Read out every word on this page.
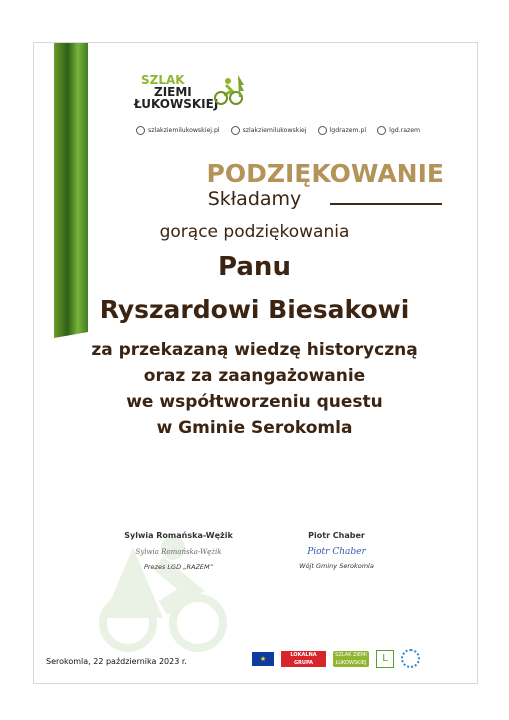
SZLAK
ZIEMI
ŁUKOWSKIEJ
szlakziemilukowskiej.pl
	szlakziemilukowskiej
	lgdrazem.pl
	lgd.razem
PODZIĘKOWANIE
Sylwia Romańska-Wężik
Sylwia Romańska-Wężik
Prezes LGD „RAZEM”
Piotr Chaber
Piotr Chaber
Wójt Gminy Serokomla
Serokomla, 22 października 2023 r.	★	LOKALNA GRUPA DZIAŁANIA RAZEM
SZLAK ZIEMI ŁUKOWSKIEJ	L
Składamy
gorące podziękowania
Panu
Ryszardowi Biesakowi
za przekazaną wiedzę historyczną
oraz za zaangażowanie
we współtworzeniu questu
w Gminie Serokomla
